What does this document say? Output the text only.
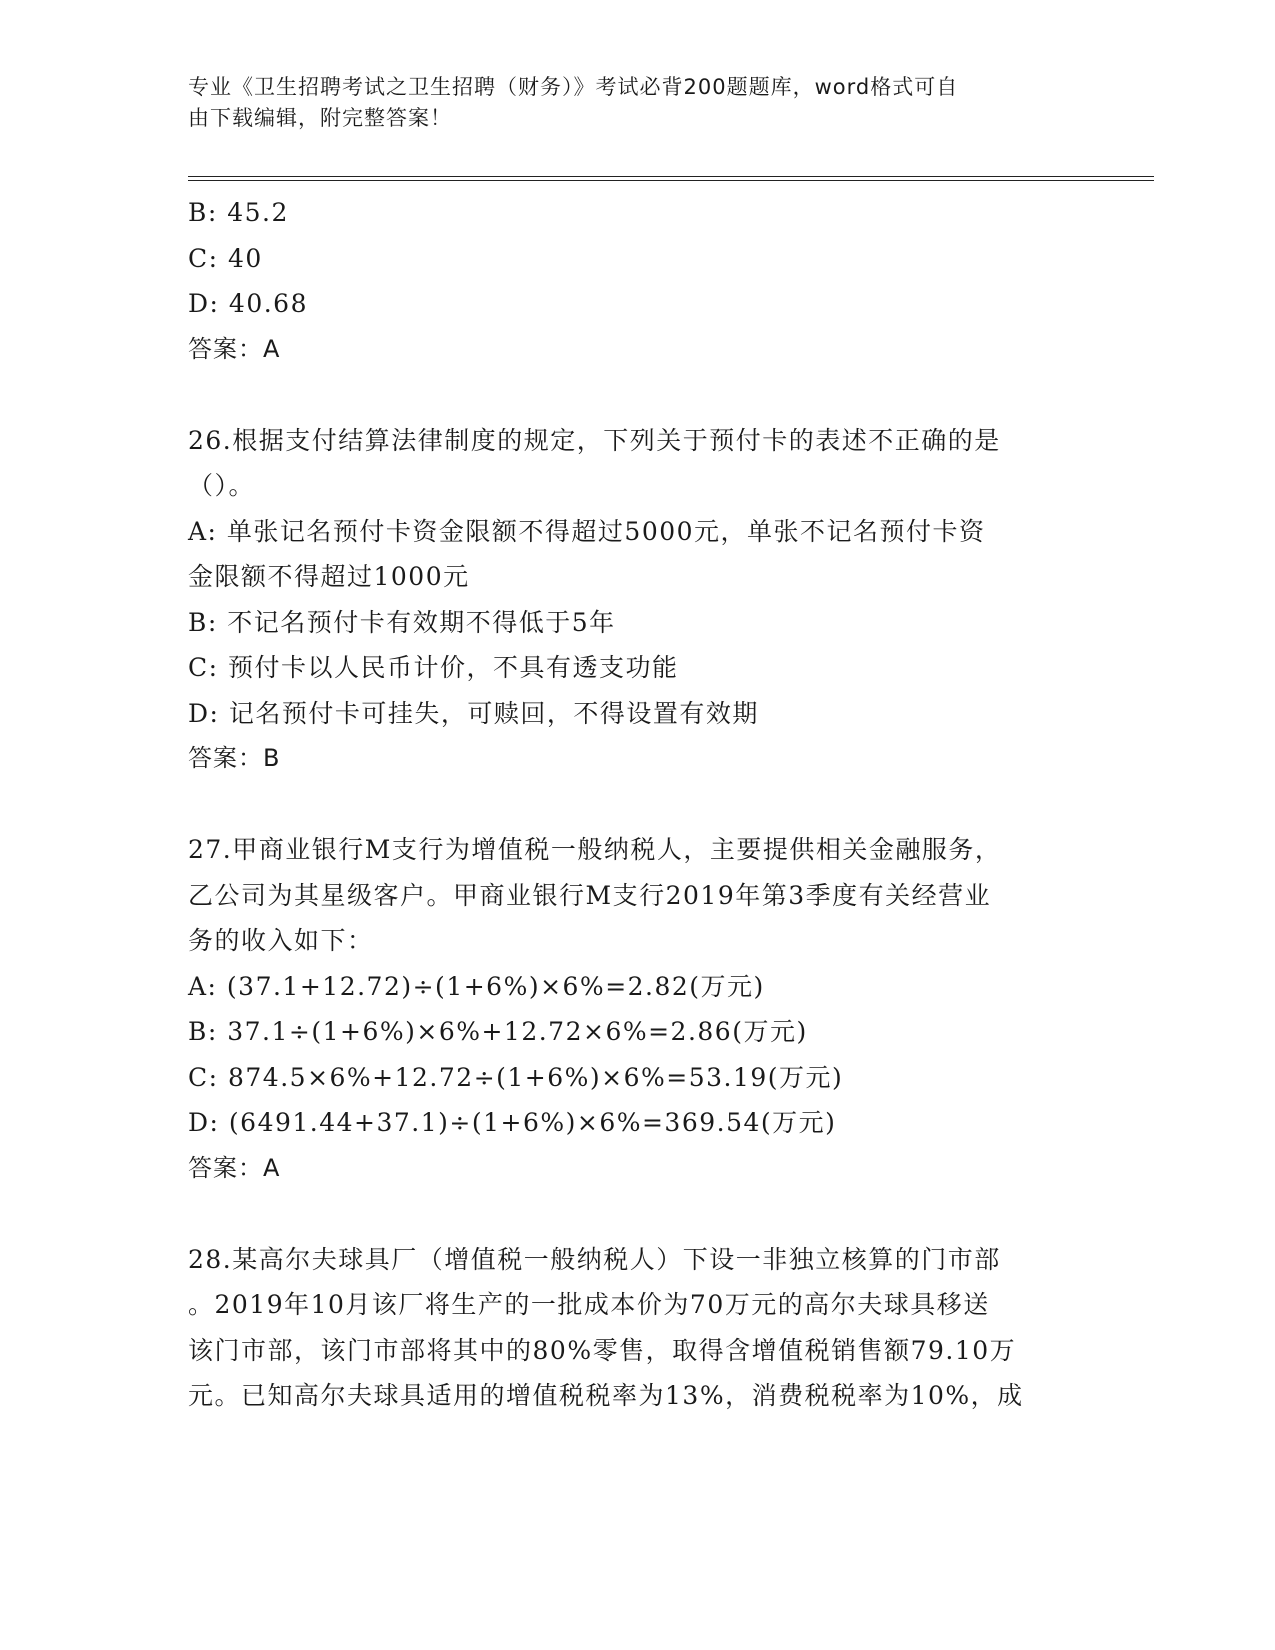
专业《卫生招聘考试之卫生招聘（财务）》考试必背200题题库，word格式可自
由下载编辑，附完整答案！
B: 45.2
C: 40
D: 40.68
答案：A
26.根据支付结算法律制度的规定，下列关于预付卡的表述不正确的是
（）。
A: 单张记名预付卡资金限额不得超过5000元，单张不记名预付卡资
金限额不得超过1000元
B: 不记名预付卡有效期不得低于5年
C: 预付卡以人民币计价，不具有透支功能
D: 记名预付卡可挂失，可赎回，不得设置有效期
答案：B
27.甲商业银行M支行为增值税一般纳税人，主要提供相关金融服务，
乙公司为其星级客户。甲商业银行M支行2019年第3季度有关经营业
务的收入如下：
A: (37.1+12.72)÷(1+6%)×6%=2.82(万元)
B: 37.1÷(1+6%)×6%+12.72×6%=2.86(万元)
C: 874.5×6%+12.72÷(1+6%)×6%=53.19(万元)
D: (6491.44+37.1)÷(1+6%)×6%=369.54(万元)
答案：A
28.某高尔夫球具厂（增值税一般纳税人）下设一非独立核算的门市部
。2019年10月该厂将生产的一批成本价为70万元的高尔夫球具移送
该门市部，该门市部将其中的80%零售，取得含增值税销售额79.10万
元。已知高尔夫球具适用的增值税税率为13%，消费税税率为10%，成
